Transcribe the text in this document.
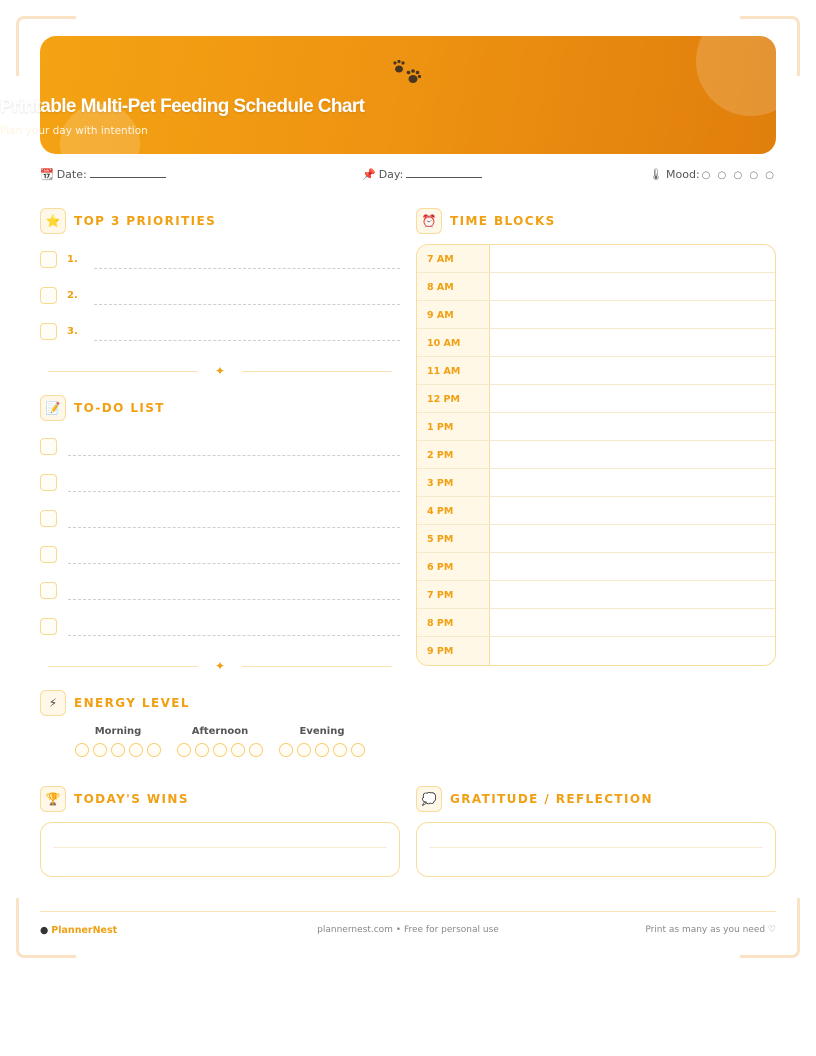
Printable Multi-Pet Feeding Schedule Chart
Plan your day with intention
📆 Date:	📌 Day:	🌡 Mood: ○ ○ ○ ○ ○
⭐	TOP 3 PRIORITIES
1.
2.
3.
✦
📝	TO-DO LIST
✦
⏰	TIME BLOCKS
7 AM
8 AM
9 AM
10 AM
11 AM
12 PM
1 PM
2 PM
3 PM
4 PM
5 PM
6 PM
7 PM
8 PM
9 PM
⚡	ENERGY LEVEL
Morning	Afternoon	Evening
🏆	TODAY'S WINS	💭	GRATITUDE / REFLECTION
● PlannerNest	plannernest.com • Free for personal use	Print as many as you need ♡
